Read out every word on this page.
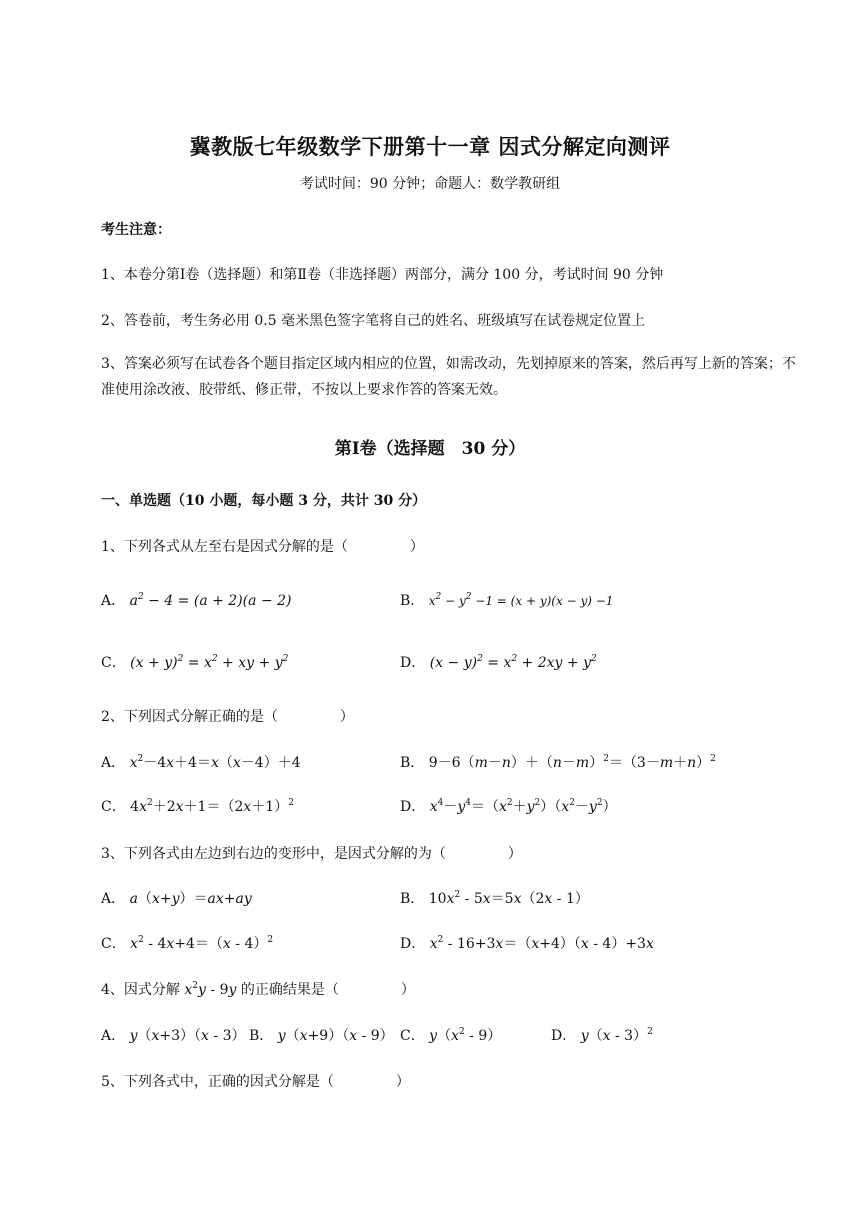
冀教版七年级数学下册第十一章 因式分解定向测评
考试时间：90 分钟；命题人：数学教研组
考生注意：
1、本卷分第Ⅰ卷（选择题）和第Ⅱ卷（非选择题）两部分，满分 100 分，考试时间 90 分钟
2、答卷前，考生务必用 0.5 毫米黑色签字笔将自己的姓名、班级填写在试卷规定位置上
3、答案必须写在试卷各个题目指定区域内相应的位置，如需改动，先划掉原来的答案，然后再写上新的答案；不准使用涂改液、胶带纸、修正带，不按以上要求作答的答案无效。
第Ⅰ卷（选择题　30 分）
一、单选题（10 小题，每小题 3 分，共计 30 分）
1、下列各式从左至右是因式分解的是（	）
A． $a^2 - 4 = (a + 2)(a - 2)$	B． $x^2 - y^2 -1 = (x + y)(x - y) -1$
C． $(x + y)^2 = x^2$ + xy + $y^2$	D． $(x - y)^2 = x^2 + 2xy + y^2$
2、下列因式分解正确的是（	）
A． $x^2-4x+4=x(x-4)+4$	B． $9-6(m-n)+(n-m)^2=(3-m+n)^2$
C． $4x^2+2x+1=(2x+1)^2$	D． $x^4-y^4=(x^2+y^2)(x^2-y^2)$
3、下列各式由左边到右边的变形中，是因式分解的为（	）
A． a（x+y）＝ax+ay	B． $10x^2 - 5x=5x(2x - 1)$
C． $x^2 - 4x+4=(x - 4)^2$	D． $x^2 - 16+3x=(x+4)(x - 4)+3x$
4、因式分解 $x^2y - 9y$ 的正确结果是（	）
A． y（x+3）（x - 3） B． y（x+9）（x - 9） C． $y(x^2 - 9)$	D． y（x - 3）$^2$
5、下列各式中，正确的因式分解是（	）
